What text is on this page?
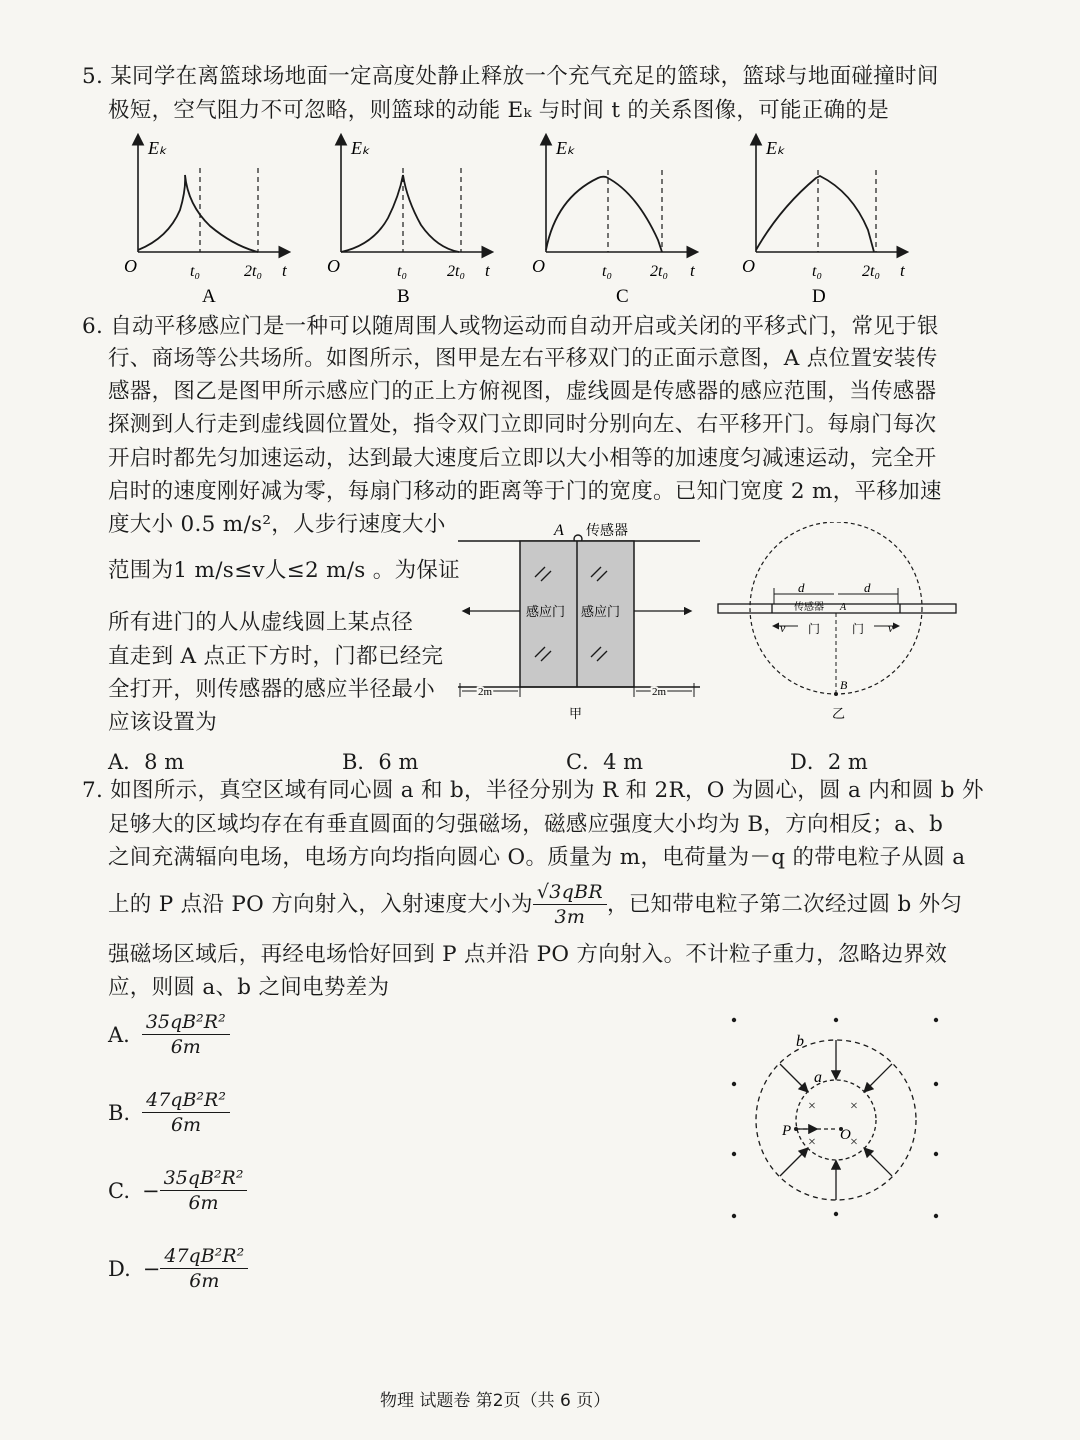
5. 某同学在离篮球场地面一定高度处静止释放一个充气充足的篮球，篮球与地面碰撞时间
极短，空气阻力不可忽略，则篮球的动能 Eₖ 与时间 t 的关系图像，可能正确的是
Eₖ
O	t₀	2t₀ t
A
Eₖ
O	t₀ 2t₀ t
B
Eₖ
O	t₀ 2t₀ t
C
Eₖ
O	t₀ 2t₀ t
D
6. 自动平移感应门是一种可以随周围人或物运动而自动开启或关闭的平移式门，常见于银
行、商场等公共场所。如图所示，图甲是左右平移双门的正面示意图，A 点位置安装传
感器，图乙是图甲所示感应门的正上方俯视图，虚线圆是传感器的感应范围，当传感器
探测到人行走到虚线圆位置处，指令双门立即同时分别向左、右平移开门。每扇门每次
开启时都先匀加速运动，达到最大速度后立即以大小相等的加速度匀减速运动，完全开
启时的速度刚好减为零，每扇门移动的距离等于门的宽度。已知门宽度 2 m，平移加速
度大小 0.5 m/s²，人步行速度大小
范围为1 m/s≤v人≤2 m/s 。为保证
所有进门的人从虚线圆上某点径
直走到 A 点正下方时，门都已经完
全打开，则传感器的感应半径最小
应该设置为
A 传感器
感应门 感应门
2m	2m
甲
d	d
传感器 A
v	v
门	门
B
乙
A．8 m	B．6 m	C．4 m	D．2 m
7. 如图所示，真空区域有同心圆 a 和 b，半径分别为 R 和 2R，O 为圆心，圆 a 内和圆 b 外
足够大的区域均存在有垂直圆面的匀强磁场，磁感应强度大小均为 B，方向相反；a、b
之间充满辐向电场，电场方向均指向圆心 O。质量为 m，电荷量为－q 的带电粒子从圆 a
上的 P 点沿 PO 方向射入，入射速度大小为 $\frac{\text{√3qBR}}{3m}$ ，已知带电粒子第二次经过圆 b 外匀
强磁场区域后，再经电场恰好回到 P 点并沿 PO 方向射入。不计粒子重力，忽略边界效
应，则圆 a、b 之间电势差为
A. $\frac{\text{35qB²R²}}{6m}$
B. $\frac{\text{47qB²R²}}{6m}$
C. − $\frac{\text{35qB²R²}}{6m}$
D. − $\frac{\text{47qB²R²}}{6m}$
× ×
× ×
b
a
P	O
物理 试题卷 第2页（共 6 页）
